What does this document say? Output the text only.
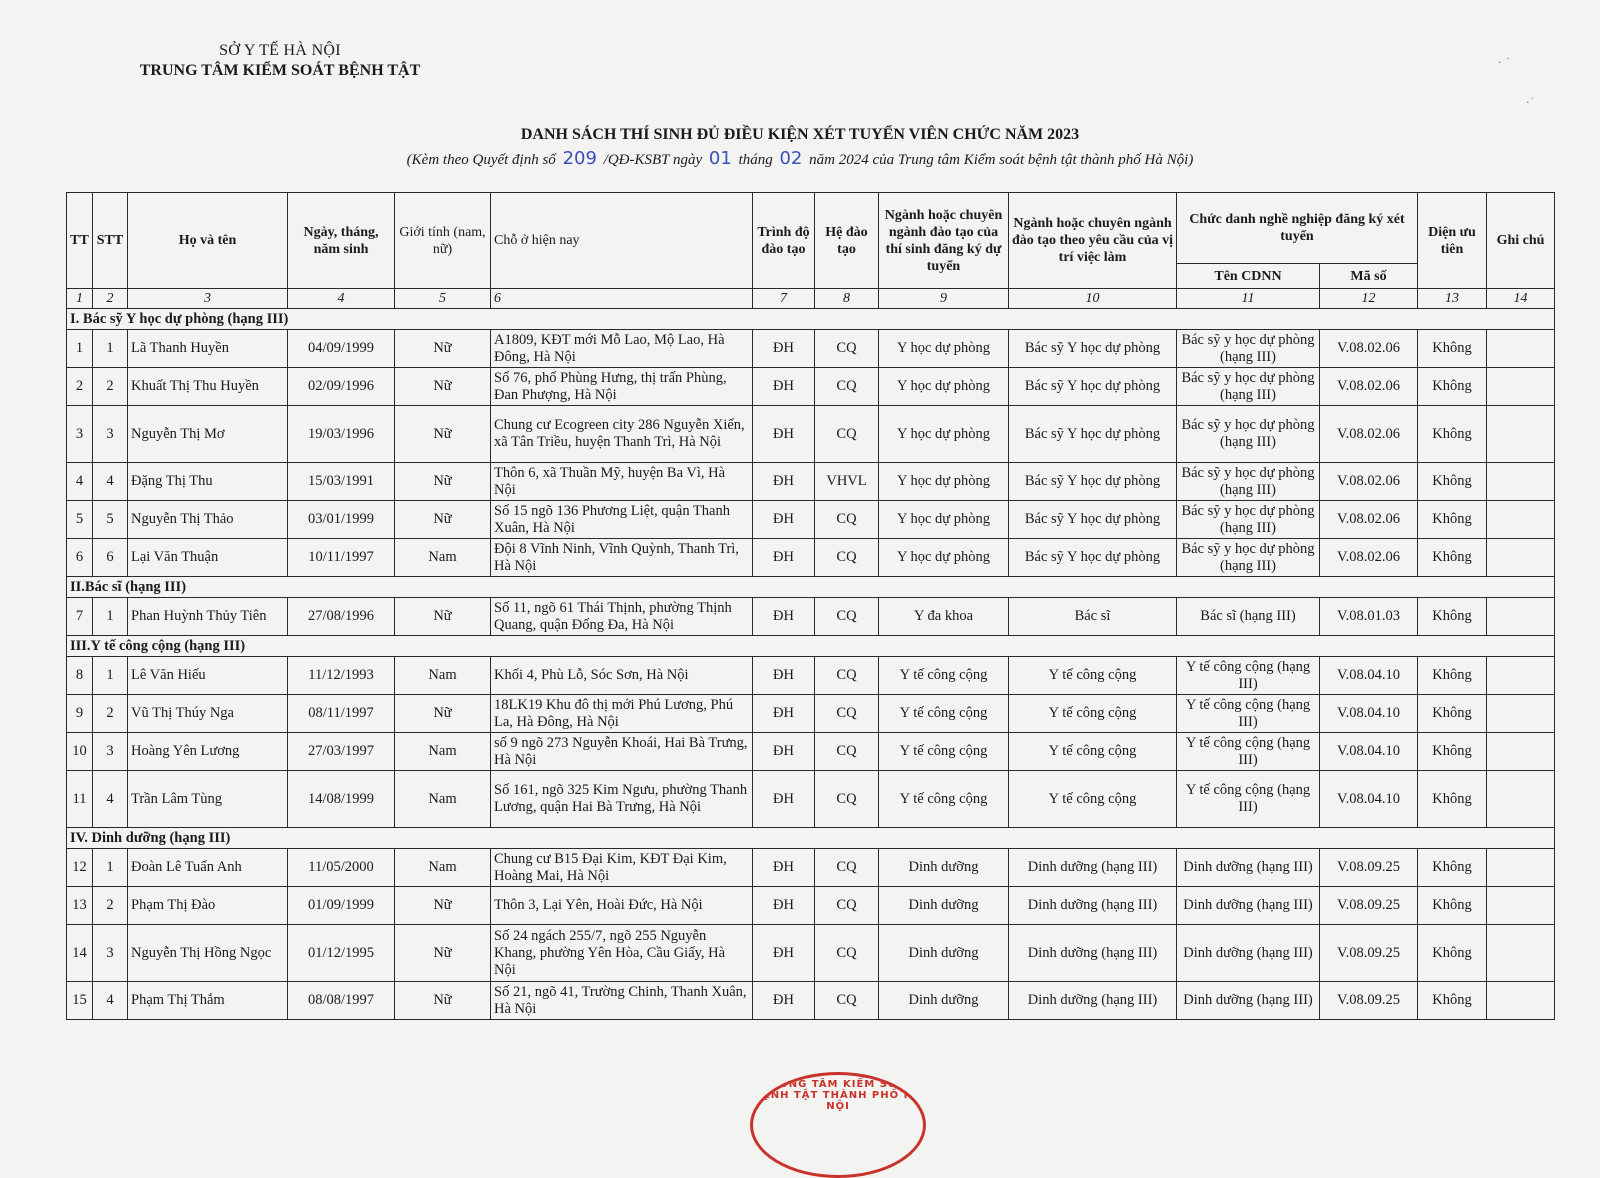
SỞ Y TẾ HÀ NỘI
TRUNG TÂM KIỂM SOÁT BỆNH TẬT	· ˙
·˙
DANH SÁCH THÍ SINH ĐỦ ĐIỀU KIỆN XÉT TUYỂN VIÊN CHỨC NĂM 2023
(Kèm theo Quyết định số 209 /QĐ-KSBT ngày 01 tháng 02 năm 2024 của Trung tâm Kiểm soát bệnh tật thành phố Hà Nội)
TT	STT	Họ và tên	Ngày, tháng, năm sinh	Giới tính (nam, nữ)	Chỗ ở hiện nay	Trình độ đào tạo	Hệ đào tạo	Ngành hoặc chuyên ngành đào tạo của thí sinh đăng ký dự tuyển	Ngành hoặc chuyên ngành đào tạo theo yêu cầu của vị trí việc làm	Chức danh nghề nghiệp đăng ký xét tuyển		Diện ưu tiên	Ghi chú
										Tên CDNN	Mã số		
1	2	3	4	5	6	7	8	9	10	11	12	13	14
I. Bác sỹ Y học dự phòng (hạng III)													
1	1	Lã Thanh Huyền	04/09/1999	Nữ	A1809, KĐT mới Mỗ Lao, Mộ Lao, Hà Đông, Hà Nội	ĐH	CQ	Y học dự phòng	Bác sỹ Y học dự phòng	Bác sỹ y học dự phòng (hạng III)	V.08.02.06	Không	
2	2	Khuất Thị Thu Huyền	02/09/1996	Nữ	Số 76, phố Phùng Hưng, thị trấn Phùng, Đan Phượng, Hà Nội	ĐH	CQ	Y học dự phòng	Bác sỹ Y học dự phòng	Bác sỹ y học dự phòng (hạng III)	V.08.02.06	Không	
3	3	Nguyễn Thị Mơ	19/03/1996	Nữ	Chung cư Ecogreen city 286 Nguyễn Xiển, xã Tân Triều, huyện Thanh Trì, Hà Nội	ĐH	CQ	Y học dự phòng	Bác sỹ Y học dự phòng	Bác sỹ y học dự phòng (hạng III)	V.08.02.06	Không	
4	4	Đặng Thị Thu	15/03/1991	Nữ	Thôn 6, xã Thuần Mỹ, huyện Ba Vì, Hà Nội	ĐH	VHVL	Y học dự phòng	Bác sỹ Y học dự phòng	Bác sỹ y học dự phòng (hạng III)	V.08.02.06	Không	
5	5	Nguyễn Thị Thảo	03/01/1999	Nữ	Số 15 ngõ 136 Phương Liệt, quận Thanh Xuân, Hà Nội	ĐH	CQ	Y học dự phòng	Bác sỹ Y học dự phòng	Bác sỹ y học dự phòng (hạng III)	V.08.02.06	Không	
6	6	Lại Văn Thuận	10/11/1997	Nam	Đội 8 Vĩnh Ninh, Vĩnh Quỳnh, Thanh Trì, Hà Nội	ĐH	CQ	Y học dự phòng	Bác sỹ Y học dự phòng	Bác sỹ y học dự phòng (hạng III)	V.08.02.06	Không	
II.Bác sĩ (hạng III)													
7	1	Phan Huỳnh Thủy Tiên	27/08/1996	Nữ	Số 11, ngõ 61 Thái Thịnh, phường Thịnh Quang, quận Đống Đa, Hà Nội	ĐH	CQ	Y đa khoa	Bác sĩ	Bác sĩ (hạng III)	V.08.01.03	Không	
III.Y tế công cộng (hạng III)													
8	1	Lê Văn Hiếu	11/12/1993	Nam	Khối 4, Phù Lỗ, Sóc Sơn, Hà Nội	ĐH	CQ	Y tế công cộng	Y tế công cộng	Y tế công cộng (hạng III)	V.08.04.10	Không	
9	2	Vũ Thị Thúy Nga	08/11/1997	Nữ	18LK19 Khu đô thị mới Phú Lương, Phú La, Hà Đông, Hà Nội	ĐH	CQ	Y tế công cộng	Y tế công cộng	Y tế công cộng (hạng III)	V.08.04.10	Không	
10	3	Hoàng Yên Lương	27/03/1997	Nam	số 9 ngõ 273 Nguyễn Khoái, Hai Bà Trưng, Hà Nội	ĐH	CQ	Y tế công cộng	Y tế công cộng	Y tế công cộng (hạng III)	V.08.04.10	Không	
11	4	Trần Lâm Tùng	14/08/1999	Nam	Số 161, ngõ 325 Kim Ngưu, phường Thanh Lương, quận Hai Bà Trưng, Hà Nội	ĐH	CQ	Y tế công cộng	Y tế công cộng	Y tế công cộng (hạng III)	V.08.04.10	Không	
IV. Dinh dưỡng (hạng III)													
12	1	Đoàn Lê Tuấn Anh	11/05/2000	Nam	Chung cư B15 Đại Kim, KĐT Đại Kim, Hoàng Mai, Hà Nội	ĐH	CQ	Dinh dưỡng	Dinh dưỡng (hạng III)	Dinh dưỡng (hạng III)	V.08.09.25	Không	
13	2	Phạm Thị Đào	01/09/1999	Nữ	Thôn 3, Lại Yên, Hoài Đức, Hà Nội	ĐH	CQ	Dinh dưỡng	Dinh dưỡng (hạng III)	Dinh dưỡng (hạng III)	V.08.09.25	Không	
14	3	Nguyễn Thị Hồng Ngọc	01/12/1995	Nữ	Số 24 ngách 255/7, ngõ 255 Nguyễn Khang, phường Yên Hòa, Cầu Giấy, Hà Nội	ĐH	CQ	Dinh dưỡng	Dinh dưỡng (hạng III)	Dinh dưỡng (hạng III)	V.08.09.25	Không	
15	4	Phạm Thị Thắm	08/08/1997	Nữ	Số 21, ngõ 41, Trường Chinh, Thanh Xuân, Hà Nội	ĐH	CQ	Dinh dưỡng	Dinh dưỡng (hạng III)	Dinh dưỡng (hạng III)	V.08.09.25	Không	
TRUNG TÂM KIỂM SOÁT BỆNH TẬT THÀNH PHỐ HÀ NỘI
